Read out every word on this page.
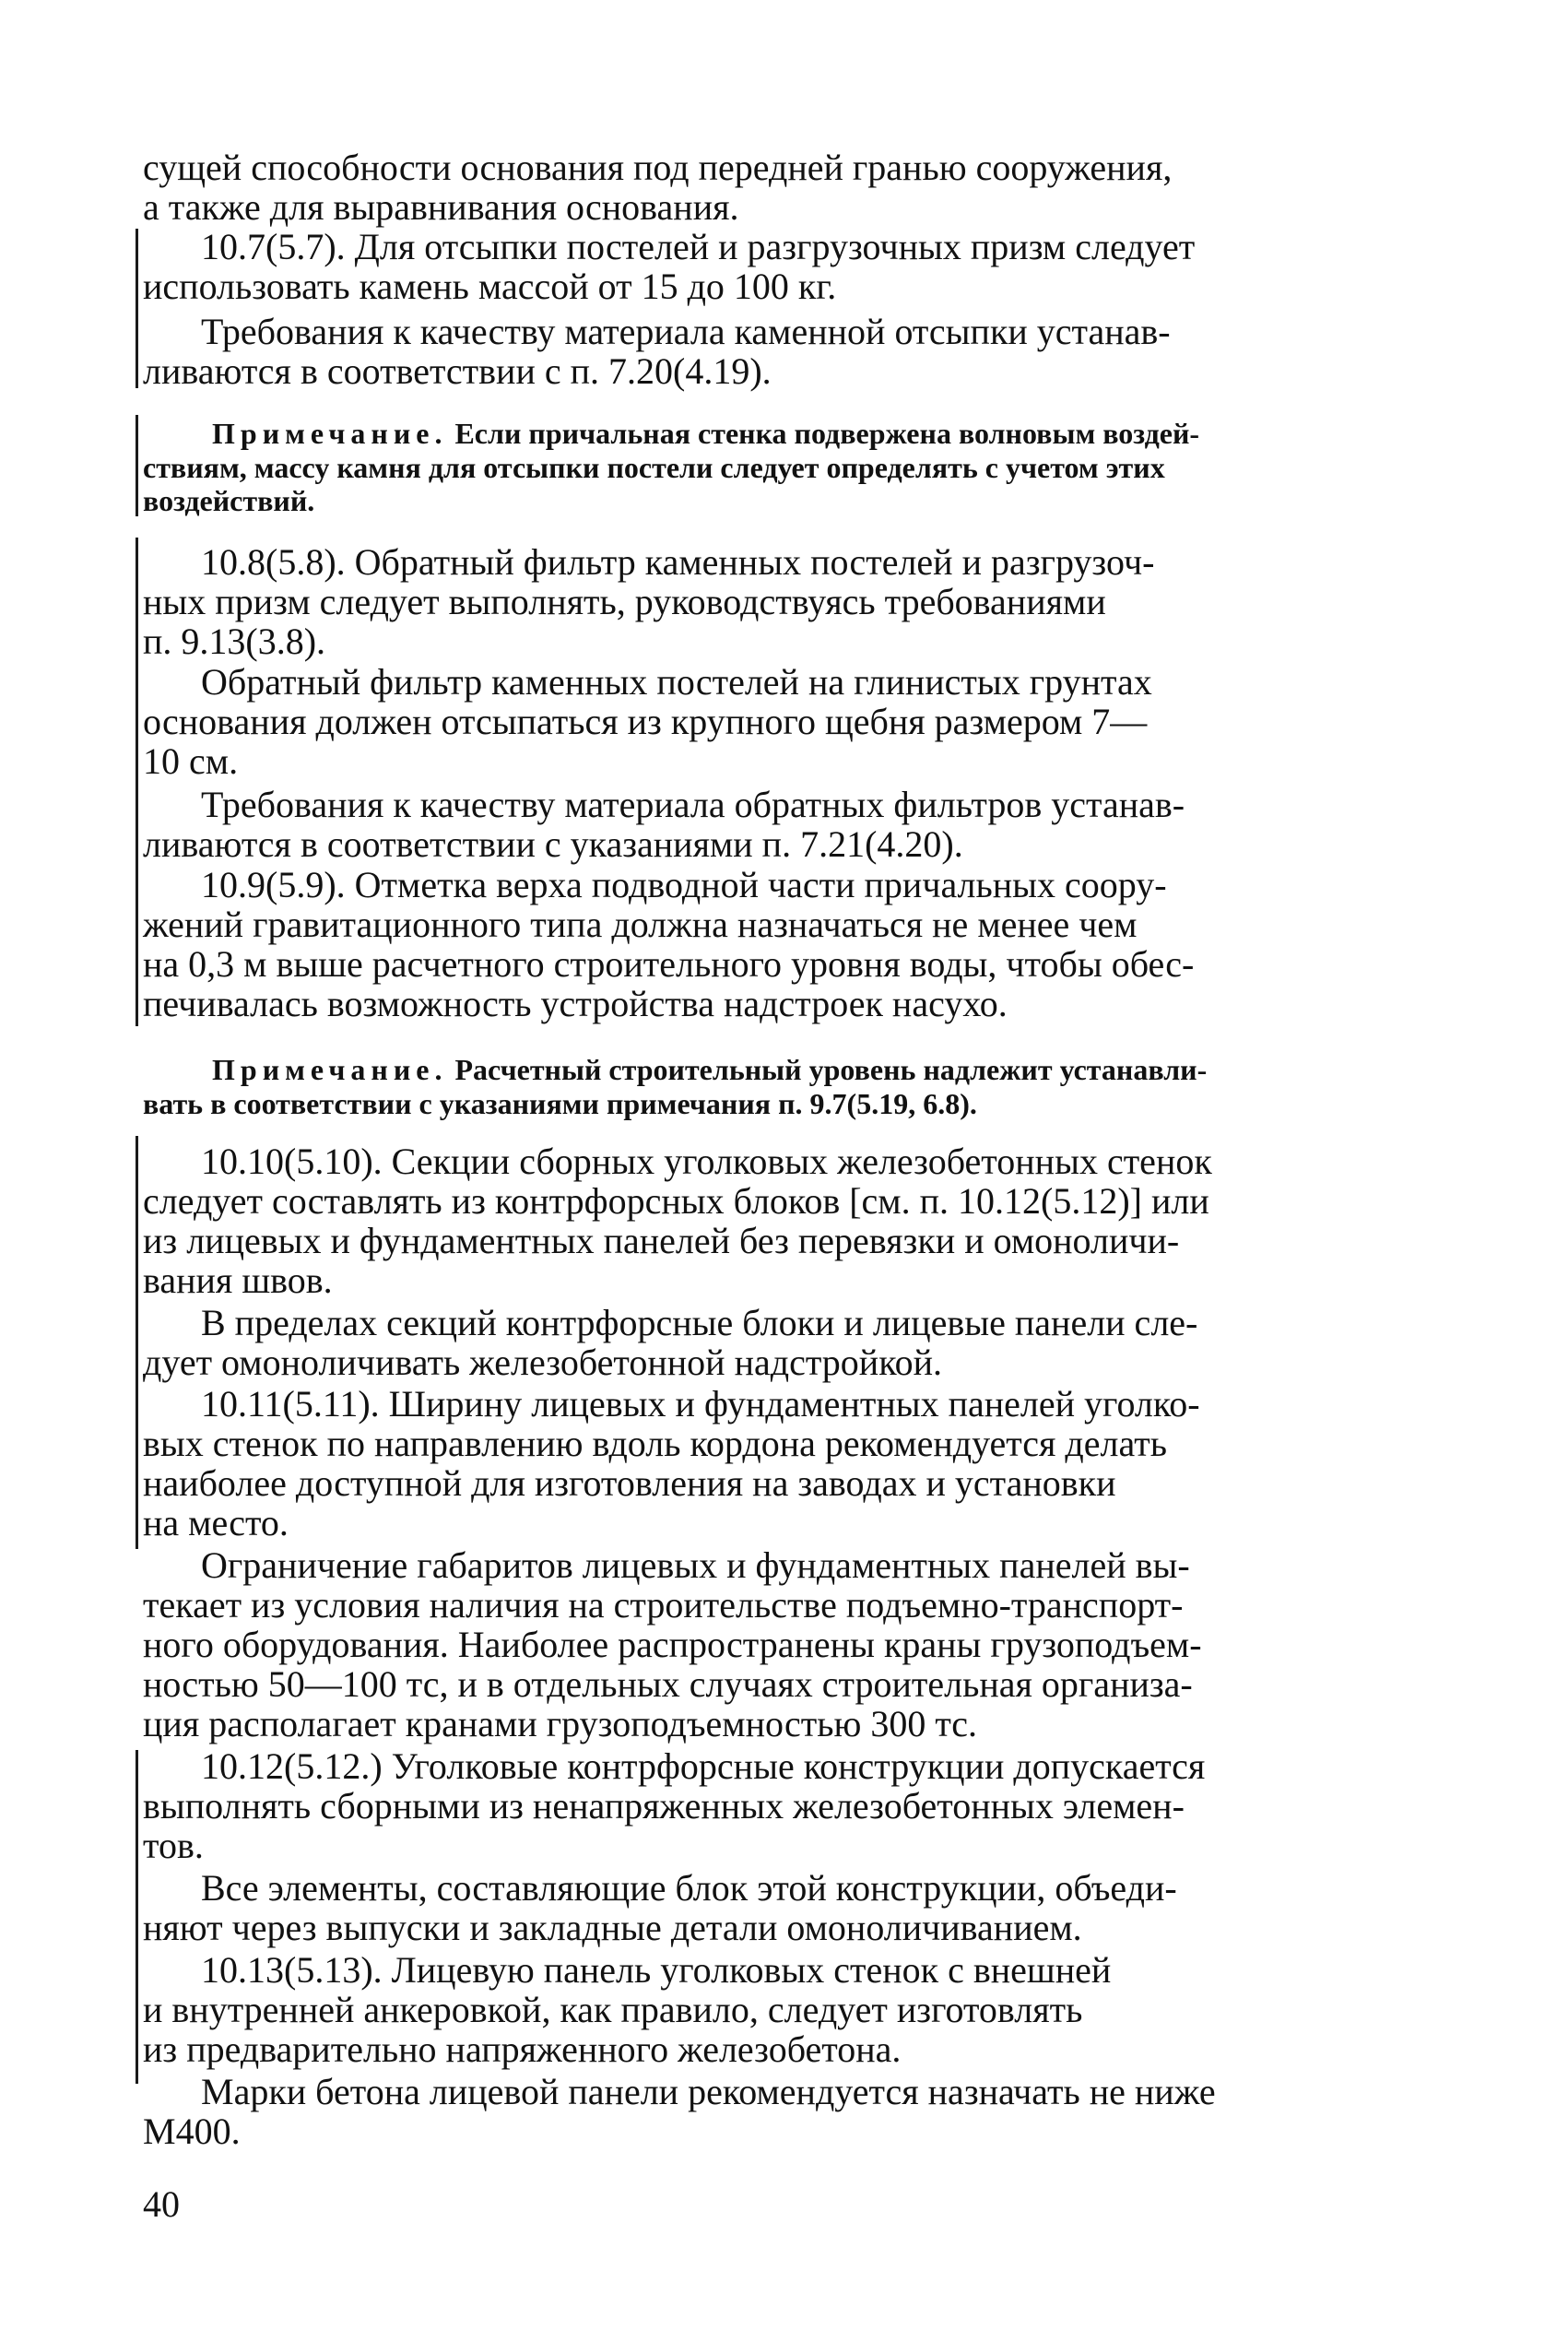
сущей способности основания под передней гранью сооружения,
а также для выравнивания основания.
10.7(5.7). Для отсыпки постелей и разгрузочных призм следует
использовать камень массой от 15 до 100 кг.
Требования к качеству материала каменной отсыпки устанав-
ливаются в соответствии с п. 7.20(4.19).
Примечание. Если причальная стенка подвержена волновым воздей-
ствиям, массу камня для отсыпки постели следует определять с учетом этих
воздействий.
10.8(5.8). Обратный фильтр каменных постелей и разгрузоч-
ных призм следует выполнять, руководствуясь требованиями
п. 9.13(3.8).
Обратный фильтр каменных постелей на глинистых грунтах
основания должен отсыпаться из крупного щебня размером 7—
10 см.
Требования к качеству материала обратных фильтров устанав-
ливаются в соответствии с указаниями п. 7.21(4.20).
10.9(5.9). Отметка верха подводной части причальных соору-
жений гравитационного типа должна назначаться не менее чем
на 0,3 м выше расчетного строительного уровня воды, чтобы обес-
печивалась возможность устройства надстроек насухо.
Примечание. Расчетный строительный уровень надлежит устанавли-
вать в соответствии с указаниями примечания п. 9.7(5.19, 6.8).
10.10(5.10). Секции сборных уголковых железобетонных стенок
следует составлять из контрфорсных блоков [см. п. 10.12(5.12)] или
из лицевых и фундаментных панелей без перевязки и омоноличи-
вания швов.
В пределах секций контрфорсные блоки и лицевые панели сле-
дует омоноличивать железобетонной надстройкой.
10.11(5.11). Ширину лицевых и фундаментных панелей уголко-
вых стенок по направлению вдоль кордона рекомендуется делать
наиболее доступной для изготовления на заводах и установки
на место.
Ограничение габаритов лицевых и фундаментных панелей вы-
текает из условия наличия на строительстве подъемно-транспорт-
ного оборудования. Наиболее распространены краны грузоподъем-
ностью 50—100 тс, и в отдельных случаях строительная организа-
ция располагает кранами грузоподъемностью 300 тс.
10.12(5.12.) Уголковые контрфорсные конструкции допускается
выполнять сборными из ненапряженных железобетонных элемен-
тов.
Все элементы, составляющие блок этой конструкции, объеди-
няют через выпуски и закладные детали омоноличиванием.
10.13(5.13). Лицевую панель уголковых стенок с внешней
и внутренней анкеровкой, как правило, следует изготовлять
из предварительно напряженного железобетона.
Марки бетона лицевой панели рекомендуется назначать не ниже
М400.
40
